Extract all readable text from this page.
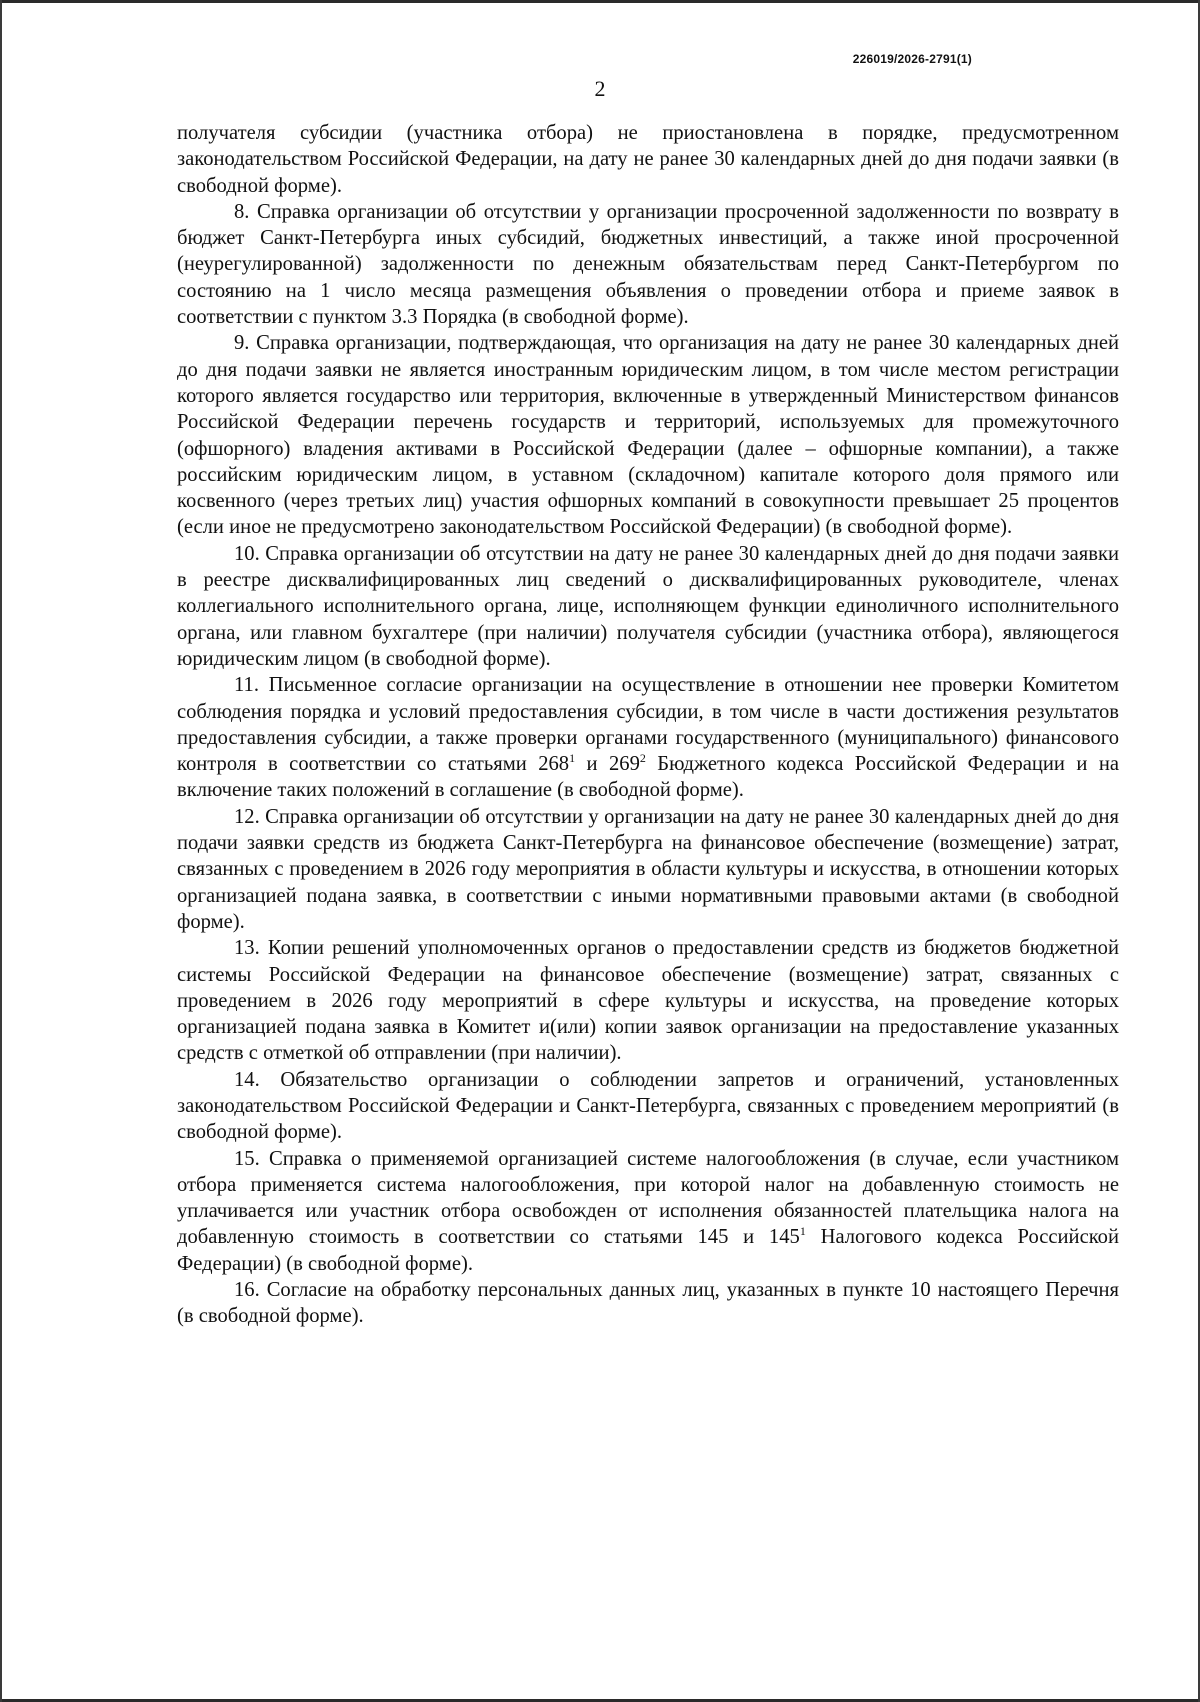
226019/2026-2791(1)
2

получателя субсидии (участника отбора) не приостановлена в порядке, предусмотренном законодательством Российской Федерации, на дату не ранее 30 календарных дней до дня подачи заявки (в свободной форме).

8. Справка организации об отсутствии у организации просроченной задолженности по возврату в бюджет Санкт-Петербурга иных субсидий, бюджетных инвестиций, а также иной просроченной (неурегулированной) задолженности по денежным обязательствам перед Санкт-Петербургом по состоянию на 1 число месяца размещения объявления о проведении отбора и приеме заявок в соответствии с пунктом 3.3 Порядка (в свободной форме).

9. Справка организации, подтверждающая, что организация на дату не ранее 30 календарных дней до дня подачи заявки не является иностранным юридическим лицом, в том числе местом регистрации которого является государство или территория, включенные в утвержденный Министерством финансов Российской Федерации перечень государств и территорий, используемых для промежуточного (офшорного) владения активами в Российской Федерации (далее – офшорные компании), а также российским юридическим лицом, в уставном (складочном) капитале которого доля прямого или косвенного (через третьих лиц) участия офшорных компаний в совокупности превышает 25 процентов (если иное не предусмотрено законодательством Российской Федерации) (в свободной форме).

10. Справка организации об отсутствии на дату не ранее 30 календарных дней до дня подачи заявки в реестре дисквалифицированных лиц сведений о дисквалифицированных руководителе, членах коллегиального исполнительного органа, лице, исполняющем функции единоличного исполнительного органа, или главном бухгалтере (при наличии) получателя субсидии (участника отбора), являющегося юридическим лицом (в свободной форме).

11. Письменное согласие организации на осуществление в отношении нее проверки Комитетом соблюдения порядка и условий предоставления субсидии, в том числе в части достижения результатов предоставления субсидии, а также проверки органами государственного (муниципального) финансового контроля в соответствии со статьями $268^1$ и $269^2$ Бюджетного кодекса Российской Федерации и на включение таких положений в соглашение (в свободной форме).

12. Справка организации об отсутствии у организации на дату не ранее 30 календарных дней до дня подачи заявки средств из бюджета Санкт-Петербурга на финансовое обеспечение (возмещение) затрат, связанных с проведением в 2026 году мероприятия в области культуры и искусства, в отношении которых организацией подана заявка, в соответствии с иными нормативными правовыми актами (в свободной форме).

13. Копии решений уполномоченных органов о предоставлении средств из бюджетов бюджетной системы Российской Федерации на финансовое обеспечение (возмещение) затрат, связанных с проведением в 2026 году мероприятий в сфере культуры и искусства, на проведение которых организацией подана заявка в Комитет и(или) копии заявок организации на предоставление указанных средств с отметкой об отправлении (при наличии).

14. Обязательство организации о соблюдении запретов и ограничений, установленных законодательством Российской Федерации и Санкт-Петербурга, связанных с проведением мероприятий (в свободной форме).

15. Справка о применяемой организацией системе налогообложения (в случае, если участником отбора применяется система налогообложения, при которой налог на добавленную стоимость не уплачивается или участник отбора освобожден от исполнения обязанностей плательщика налога на добавленную стоимость в соответствии со статьями 145 и $145^1$ Налогового кодекса Российской Федерации) (в свободной форме).

16. Согласие на обработку персональных данных лиц, указанных в пункте 10 настоящего Перечня (в свободной форме).
